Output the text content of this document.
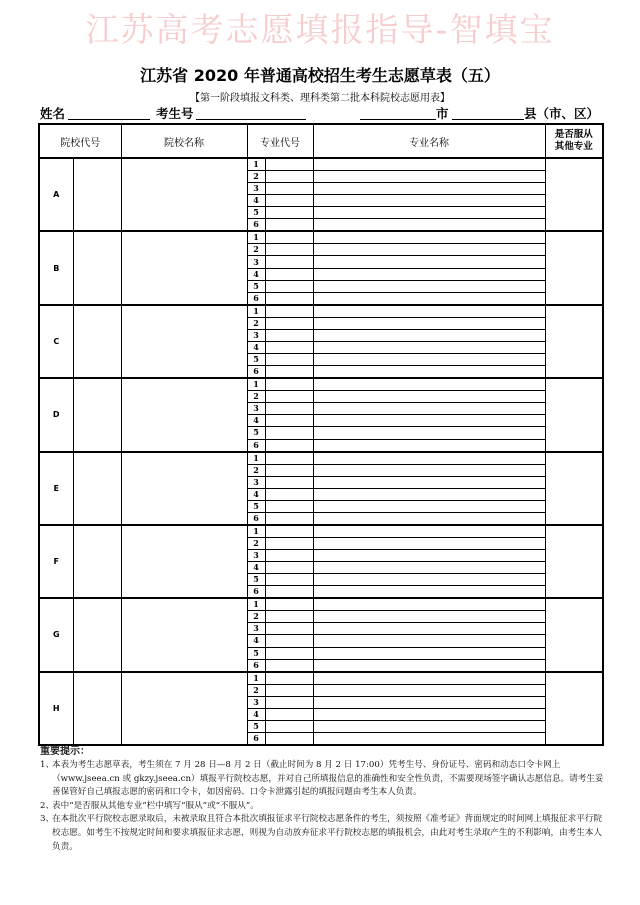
江苏高考志愿填报指导-智填宝
江苏省 2020 年普通高校招生考生志愿草表（五）
【第一阶段填报文科类、理科类第二批本科院校志愿用表】
姓名	考生号	市	县（市、区）
院校代号		院校名称	专业代号		专业名称	是否服从
其他专业

A			1			
			2			
			3			
			4			
			5			
			6			
B			1			
			2			
			3			
			4			
			5			
			6			
C			1			
			2			
			3			
			4			
			5			
			6			
D			1			
			2			
			3			
			4			
			5			
			6			
E			1			
			2			
			3			
			4			
			5			
			6			
F			1			
			2			
			3			
			4			
			5			
			6			
G			1			
			2			
			3			
			4			
			5			
			6			
H			1			
			2			
			3			
			4			
			5			
			6			
重要提示：
1、
本表为考生志愿草表，考生须在 7 月 28 日—8 月 2 日（截止时间为 8 月 2 日 17:00）凭考生号、身份证号、密码和动态口令卡网上（www.jseea.cn 或 gkzy.jseea.cn）填报平行院校志愿，并对自己所填报信息的准确性和安全性负责，不需要现场签字确认志愿信息。请考生妥善保管好自己填报志愿的密码和口令卡，如因密码、口令卡泄露引起的填报问题由考生本人负责。
2、
表中“是否服从其他专业”栏中填写“服从”或“不服从”。
3、
在本批次平行院校志愿录取后，未被录取且符合本批次填报征求平行院校志愿条件的考生，须按照《准考证》背面规定的时间网上填报征求平行院校志愿。如考生不按规定时间和要求填报征求志愿，则视为自动放弃征求平行院校志愿的填报机会，由此对考生录取产生的不利影响，由考生本人负责。
